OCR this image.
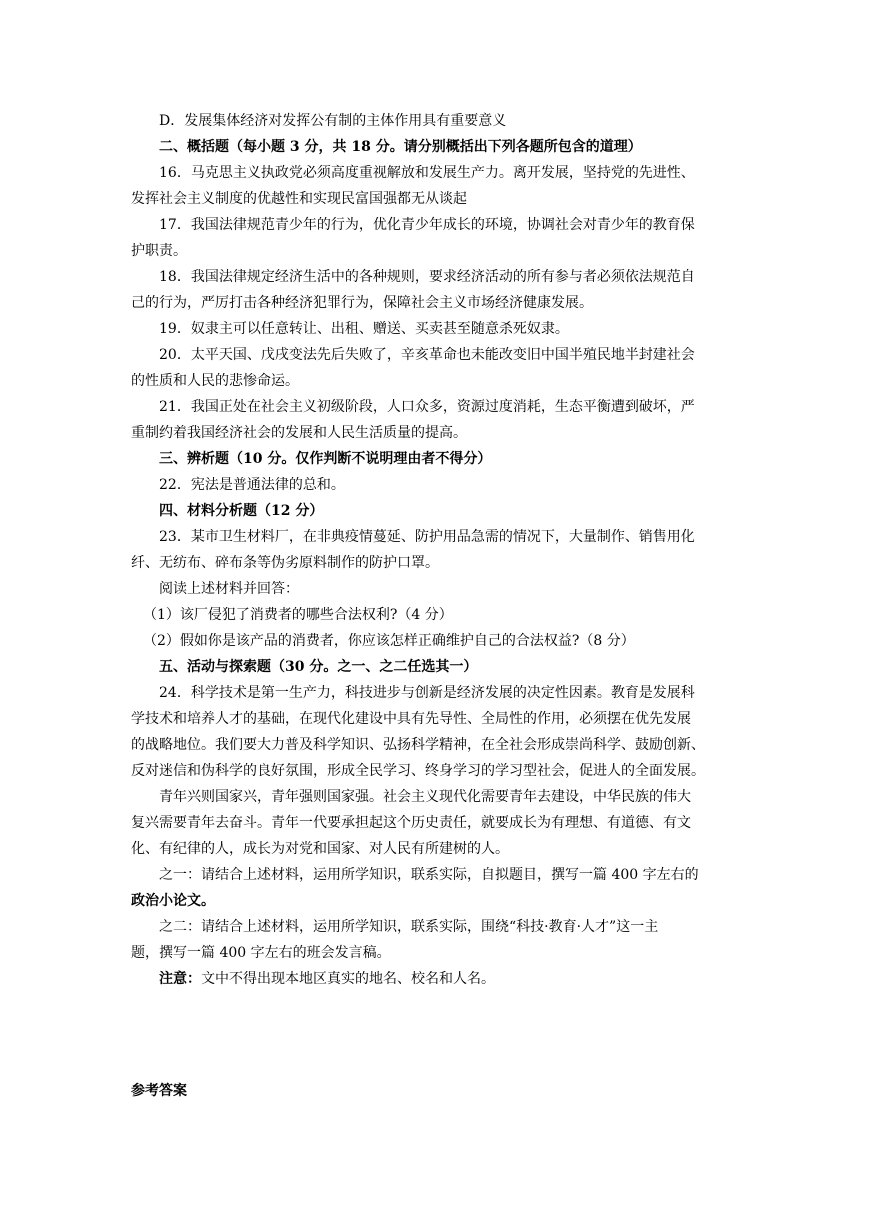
D．发展集体经济对发挥公有制的主体作用具有重要意义
二、概括题（每小题 3 分，共 18 分。请分别概括出下列各题所包含的道理）
16．马克思主义执政党必须高度重视解放和发展生产力。离开发展，坚持党的先进性、
发挥社会主义制度的优越性和实现民富国强都无从谈起
17．我国法律规范青少年的行为，优化青少年成长的环境，协调社会对青少年的教育保
护职责。
18．我国法律规定经济生活中的各种规则，要求经济活动的所有参与者必须依法规范自
己的行为，严厉打击各种经济犯罪行为，保障社会主义市场经济健康发展。
19．奴隶主可以任意转让、出租、赠送、买卖甚至随意杀死奴隶。
20．太平天国、戊戌变法先后失败了，辛亥革命也未能改变旧中国半殖民地半封建社会
的性质和人民的悲惨命运。
21．我国正处在社会主义初级阶段，人口众多，资源过度消耗，生态平衡遭到破坏，严
重制约着我国经济社会的发展和人民生活质量的提高。
三、辨析题（10 分。仅作判断不说明理由者不得分）
22．宪法是普通法律的总和。
四、材料分析题（12 分）
23．某市卫生材料厂，在非典疫情蔓延、防护用品急需的情况下，大量制作、销售用化
纤、无纺布、碎布条等伪劣原料制作的防护口罩。
阅读上述材料并回答：
（1）该厂侵犯了消费者的哪些合法权利?（4 分）
（2）假如你是该产品的消费者，你应该怎样正确维护自己的合法权益?（8 分）
五、活动与探索题（30 分。之一、之二任选其一）
24．科学技术是第一生产力，科技进步与创新是经济发展的决定性因素。教育是发展科
学技术和培养人才的基础，在现代化建设中具有先导性、全局性的作用，必须摆在优先发展
的战略地位。我们要大力普及科学知识、弘扬科学精神，在全社会形成崇尚科学、鼓励创新、
反对迷信和伪科学的良好氛围，形成全民学习、终身学习的学习型社会，促进人的全面发展。
青年兴则国家兴，青年强则国家强。社会主义现代化需要青年去建设，中华民族的伟大
复兴需要青年去奋斗。青年一代要承担起这个历史责任，就要成长为有理想、有道德、有文
化、有纪律的人，成长为对党和国家、对人民有所建树的人。
之一：请结合上述材料，运用所学知识，联系实际，自拟题目，撰写一篇 400 字左右的
政治小论文。
之二：请结合上述材料，运用所学知识，联系实际，围绕“科技·教育·人才”这一主
题，撰写一篇 400 字左右的班会发言稿。
注意：文中不得出现本地区真实的地名、校名和人名。
参考答案
